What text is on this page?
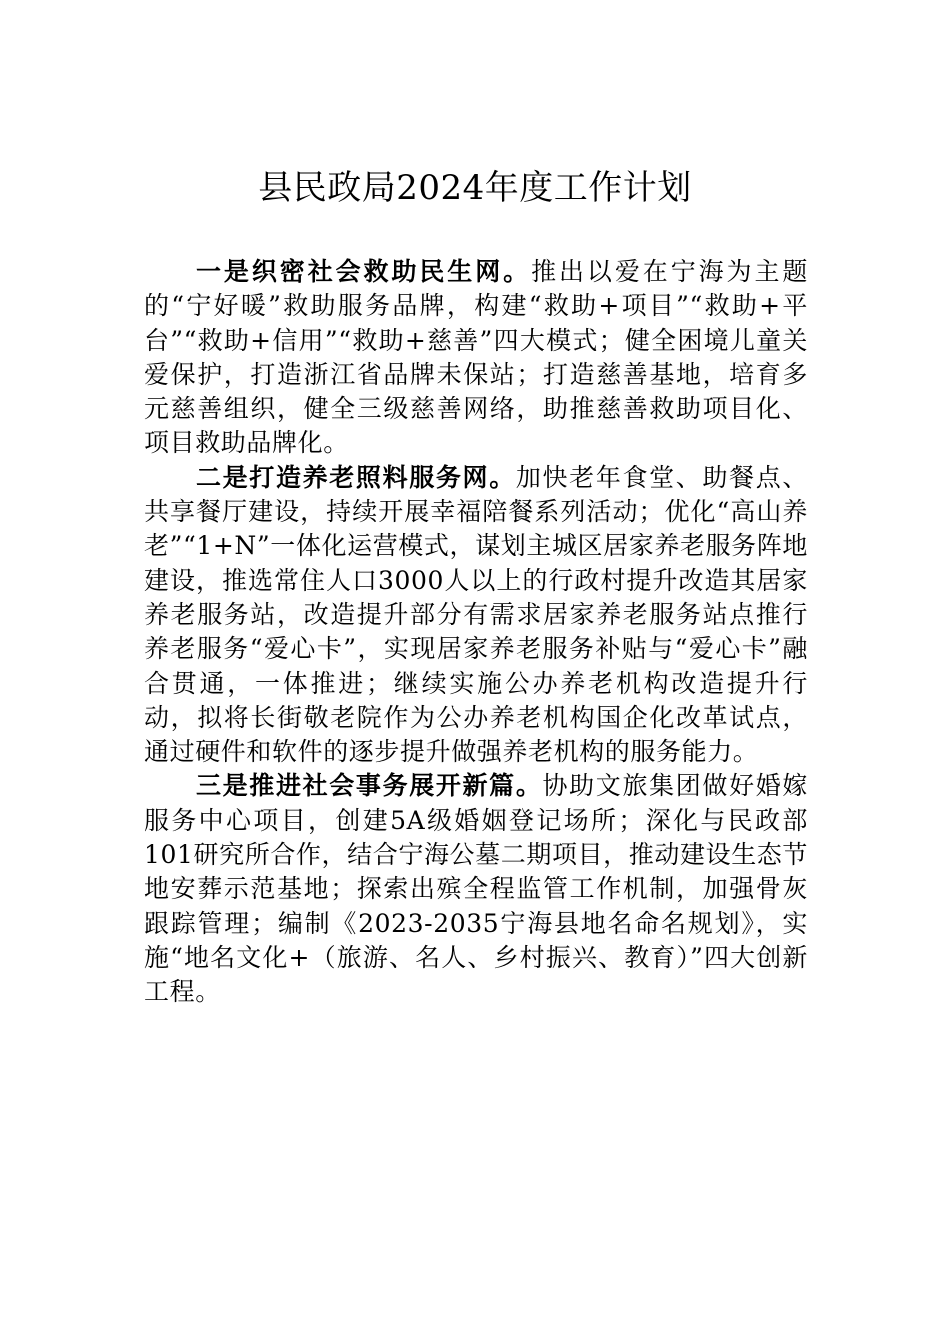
县民政局2024年度工作计划

一是织密社会救助民生网。推出以爱在宁海为主题的“宁好暖”救助服务品牌，构建“救助+项目”“救助+平台”“救助+信用”“救助+慈善”四大模式；健全困境儿童关爱保护，打造浙江省品牌未保站；打造慈善基地，培育多元慈善组织，健全三级慈善网络，助推慈善救助项目化、项目救助品牌化。

二是打造养老照料服务网。加快老年食堂、助餐点、共享餐厅建设，持续开展幸福陪餐系列活动；优化“高山养老”“1+N”一体化运营模式，谋划主城区居家养老服务阵地建设，推选常住人口3000人以上的行政村提升改造其居家养老服务站，改造提升部分有需求居家养老服务站点推行养老服务“爱心卡”，实现居家养老服务补贴与“爱心卡”融合贯通，一体推进；继续实施公办养老机构改造提升行动，拟将长街敬老院作为公办养老机构国企化改革试点，通过硬件和软件的逐步提升做强养老机构的服务能力。

三是推进社会事务展开新篇。协助文旅集团做好婚嫁服务中心项目，创建5A级婚姻登记场所；深化与民政部101研究所合作，结合宁海公墓二期项目，推动建设生态节地安葬示范基地；探索出殡全程监管工作机制，加强骨灰跟踪管理；编制《2023-2035宁海县地名命名规划》，实施“地名文化+（旅游、名人、乡村振兴、教育）”四大创新工程。
